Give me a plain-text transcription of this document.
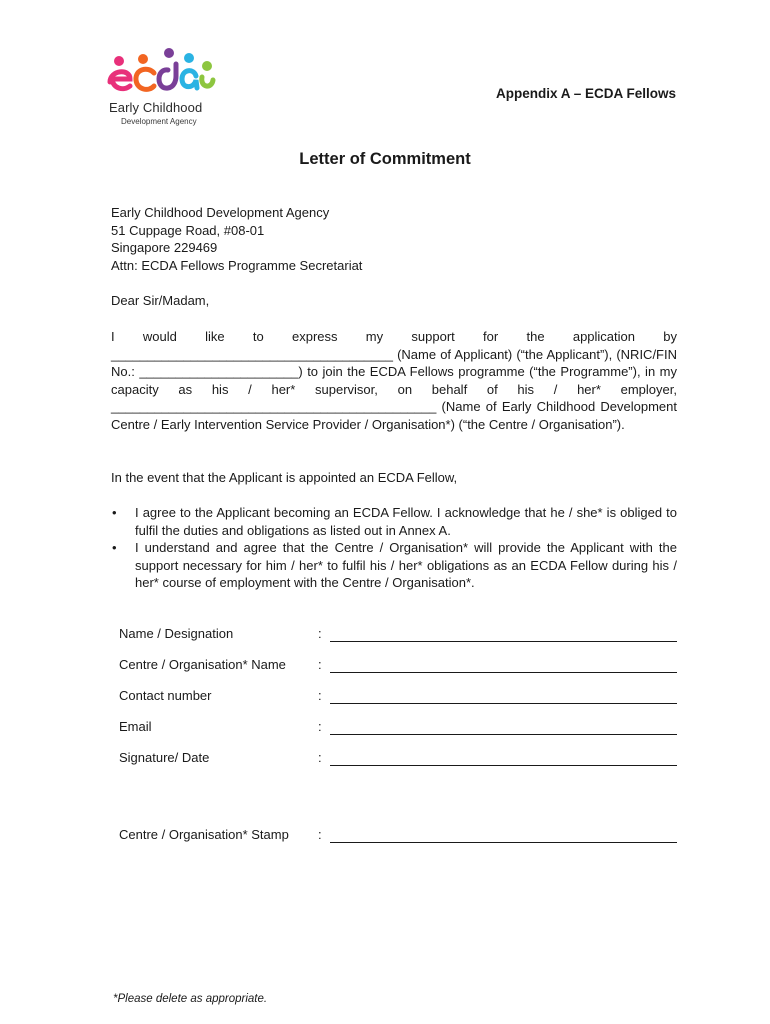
Early Childhood
Development Agency
Appendix A – ECDA Fellows
Letter of Commitment
Early Childhood Development Agency
51 Cuppage Road, #08-01
Singapore 229469
Attn: ECDA Fellows Programme Secretariat
Dear Sir/Madam,
I would like to express my support for the application by _______________________________________ (Name of Applicant) (“the Applicant”), (NRIC/FIN No.: ______________________) to join the ECDA Fellows programme (“the Programme”), in my capacity as his / her* supervisor, on behalf of his / her* employer, _____________________________________________ (Name of Early Childhood Development Centre / Early Intervention Service Provider / Organisation*) (“the Centre / Organisation”).
In the event that the Applicant is appointed an ECDA Fellow,
• I agree to the Applicant becoming an ECDA Fellow. I acknowledge that he / she* is obliged to fulfil the duties and obligations as listed out in Annex A.
• I understand and agree that the Centre / Organisation* will provide the Applicant with the support necessary for him / her* to fulfil his / her* obligations as an ECDA Fellow during his / her* course of employment with the Centre / Organisation*.
Name / Designation	:
Centre / Organisation* Name :
Contact number	:
Email	:
Signature/ Date	:
Centre / Organisation* Stamp :
*Please delete as appropriate.
